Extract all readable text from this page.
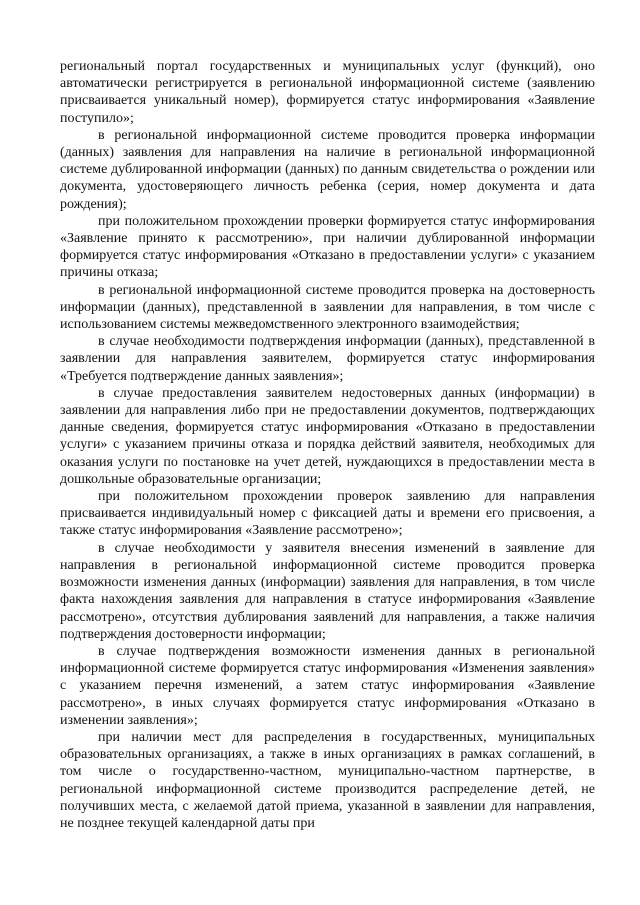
региональный портал государственных и муниципальных услуг (функций), оно автоматически регистрируется в региональной информационной системе (заявлению присваивается уникальный номер), формируется статус информирования «Заявление поступило»;

в региональной информационной системе проводится проверка информации (данных) заявления для направления на наличие в региональной информационной системе дублированной информации (данных) по данным свидетельства о рождении или документа, удостоверяющего личность ребенка (серия, номер документа и дата рождения);

при положительном прохождении проверки формируется статус информирования «Заявление принято к рассмотрению», при наличии дублированной информации формируется статус информирования «Отказано в предоставлении услуги» с указанием причины отказа;

в региональной информационной системе проводится проверка на достоверность информации (данных), представленной в заявлении для направления, в том числе с использованием системы межведомственного электронного взаимодействия;

в случае необходимости подтверждения информации (данных), представленной в заявлении для направления заявителем, формируется статус информирования «Требуется подтверждение данных заявления»;

в случае предоставления заявителем недостоверных данных (информации) в заявлении для направления либо при не предоставлении документов, подтверждающих данные сведения, формируется статус информирования «Отказано в предоставлении услуги» с указанием причины отказа и порядка действий заявителя, необходимых для оказания услуги по постановке на учет детей, нуждающихся в предоставлении места в дошкольные образовательные организации;

при положительном прохождении проверок заявлению для направления присваивается индивидуальный номер с фиксацией даты и времени его присвоения, а также статус информирования «Заявление рассмотрено»;

в случае необходимости у заявителя внесения изменений в заявление для направления в региональной информационной системе проводится проверка возможности изменения данных (информации) заявления для направления, в том числе факта нахождения заявления для направления в статусе информирования «Заявление рассмотрено», отсутствия дублирования заявлений для направления, а также наличия подтверждения достоверности информации;

в случае подтверждения возможности изменения данных в региональной информационной системе формируется статус информирования «Изменения заявления» с указанием перечня изменений, а затем статус информирования «Заявление рассмотрено», в иных случаях формируется статус информирования «Отказано в изменении заявления»;

при наличии мест для распределения в государственных, муниципальных образовательных организациях, а также в иных организациях в рамках соглашений, в том числе о государственно-частном, муниципально-частном партнерстве, в региональной информационной системе производится распределение детей, не получивших места, с желаемой датой приема, указанной в заявлении для направления, не позднее текущей календарной даты при
